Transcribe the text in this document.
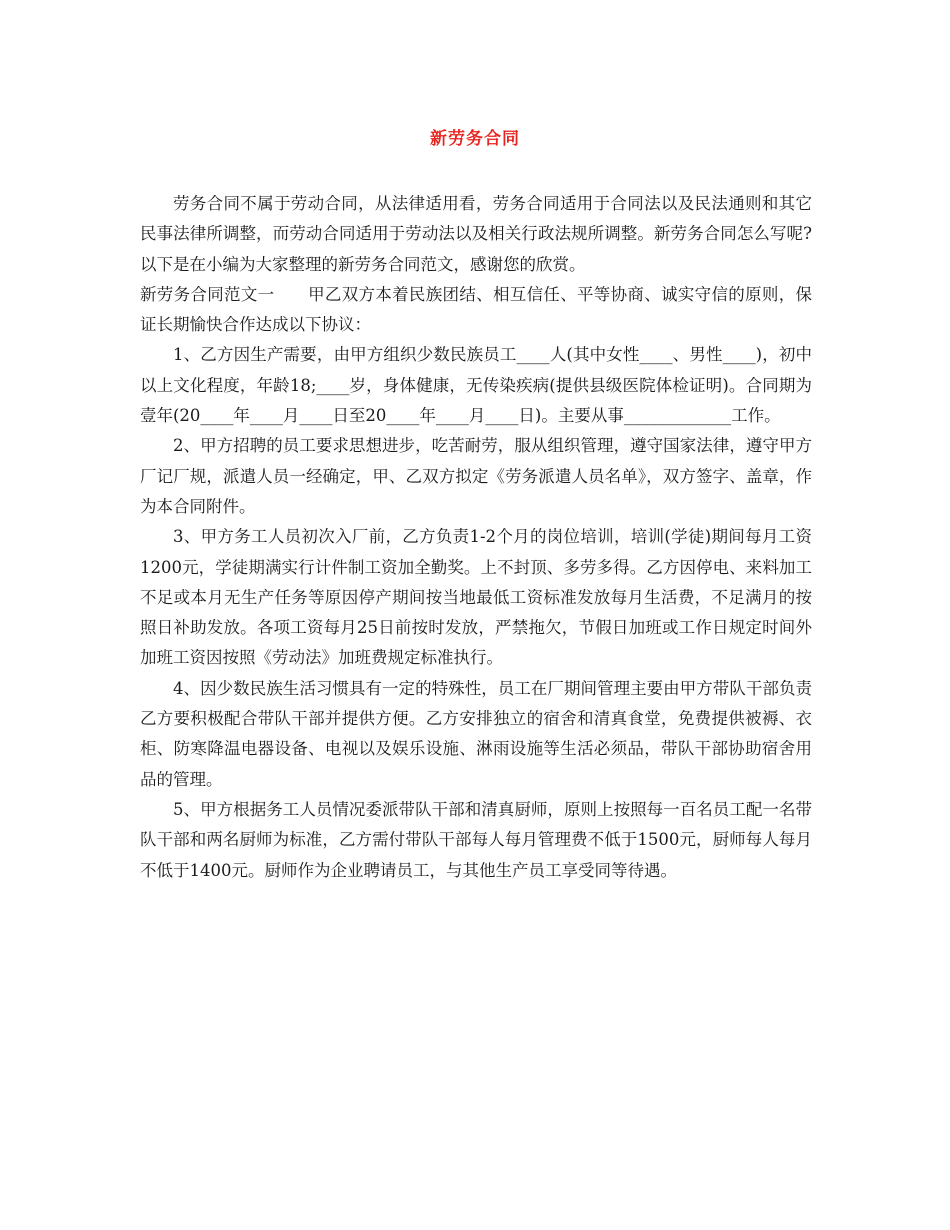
新劳务合同

劳务合同不属于劳动合同，从法律适用看，劳务合同适用于合同法以及民法通则和其它民事法律所调整，而劳动合同适用于劳动法以及相关行政法规所调整。新劳务合同怎么写呢?以下是在小编为大家整理的新劳务合同范文，感谢您的欣赏。

新劳务合同范文一　　甲乙双方本着民族团结、相互信任、平等协商、诚实守信的原则，保证长期愉快合作达成以下协议：

1、乙方因生产需要，由甲方组织少数民族员工____人(其中女性____、男性____)，初中以上文化程度，年龄18;____岁，身体健康，无传染疾病(提供县级医院体检证明)。合同期为壹年(20____年____月____日至20____年____月____日)。主要从事_____________工作。

2、甲方招聘的员工要求思想进步，吃苦耐劳，服从组织管理，遵守国家法律，遵守甲方厂记厂规，派遣人员一经确定，甲、乙双方拟定《劳务派遣人员名单》，双方签字、盖章，作为本合同附件。

3、甲方务工人员初次入厂前，乙方负责1-2个月的岗位培训，培训(学徒)期间每月工资1200元，学徒期满实行计件制工资加全勤奖。上不封顶、多劳多得。乙方因停电、来料加工不足或本月无生产任务等原因停产期间按当地最低工资标准发放每月生活费，不足满月的按照日补助发放。各项工资每月25日前按时发放，严禁拖欠，节假日加班或工作日规定时间外加班工资因按照《劳动法》加班费规定标准执行。

4、因少数民族生活习惯具有一定的特殊性，员工在厂期间管理主要由甲方带队干部负责乙方要积极配合带队干部并提供方便。乙方安排独立的宿舍和清真食堂，免费提供被褥、衣柜、防寒降温电器设备、电视以及娱乐设施、淋雨设施等生活必须品，带队干部协助宿舍用品的管理。

5、甲方根据务工人员情况委派带队干部和清真厨师，原则上按照每一百名员工配一名带队干部和两名厨师为标准，乙方需付带队干部每人每月管理费不低于1500元，厨师每人每月不低于1400元。厨师作为企业聘请员工，与其他生产员工享受同等待遇。
